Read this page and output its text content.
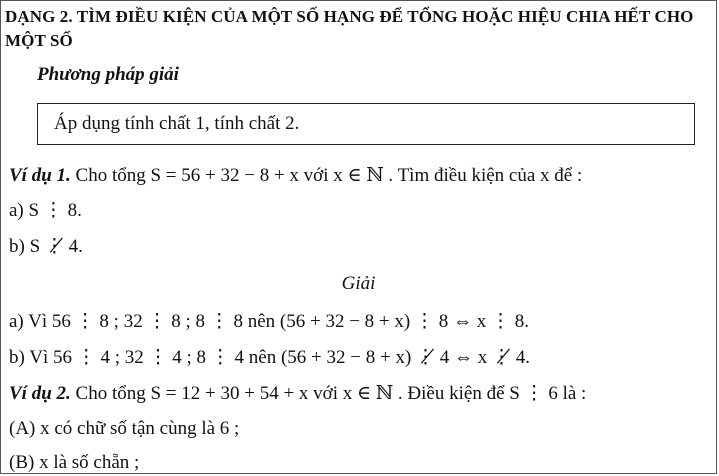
DẠNG 2. TÌM ĐIỀU KIỆN CỦA MỘT SỐ HẠNG ĐỂ TỔNG HOẶC HIỆU CHIA HẾT CHO
MỘT SỐ
Phương pháp giải
Áp dụng tính chất 1, tính chất 2.
Ví dụ 1. Cho tổng S = 56 + 32 − 8 + x với x ∈ ℕ . Tìm điều kiện của x để :
a) S ⋮ 8.
b) S ⋮̸ 4.
Giải
a) Vì 56 ⋮ 8 ; 32 ⋮ 8 ; 8 ⋮ 8 nên (56 + 32 − 8 + x) ⋮ 8 ⇔ x ⋮ 8.
b) Vì 56 ⋮ 4 ; 32 ⋮ 4 ; 8 ⋮ 4 nên (56 + 32 − 8 + x) ⋮̸ 4 ⇔ x ⋮̸ 4.
Ví dụ 2. Cho tổng S = 12 + 30 + 54 + x với x ∈ ℕ . Điều kiện để S ⋮ 6 là :
(A) x có chữ số tận cùng là 6 ;
(B) x là số chẵn ;
